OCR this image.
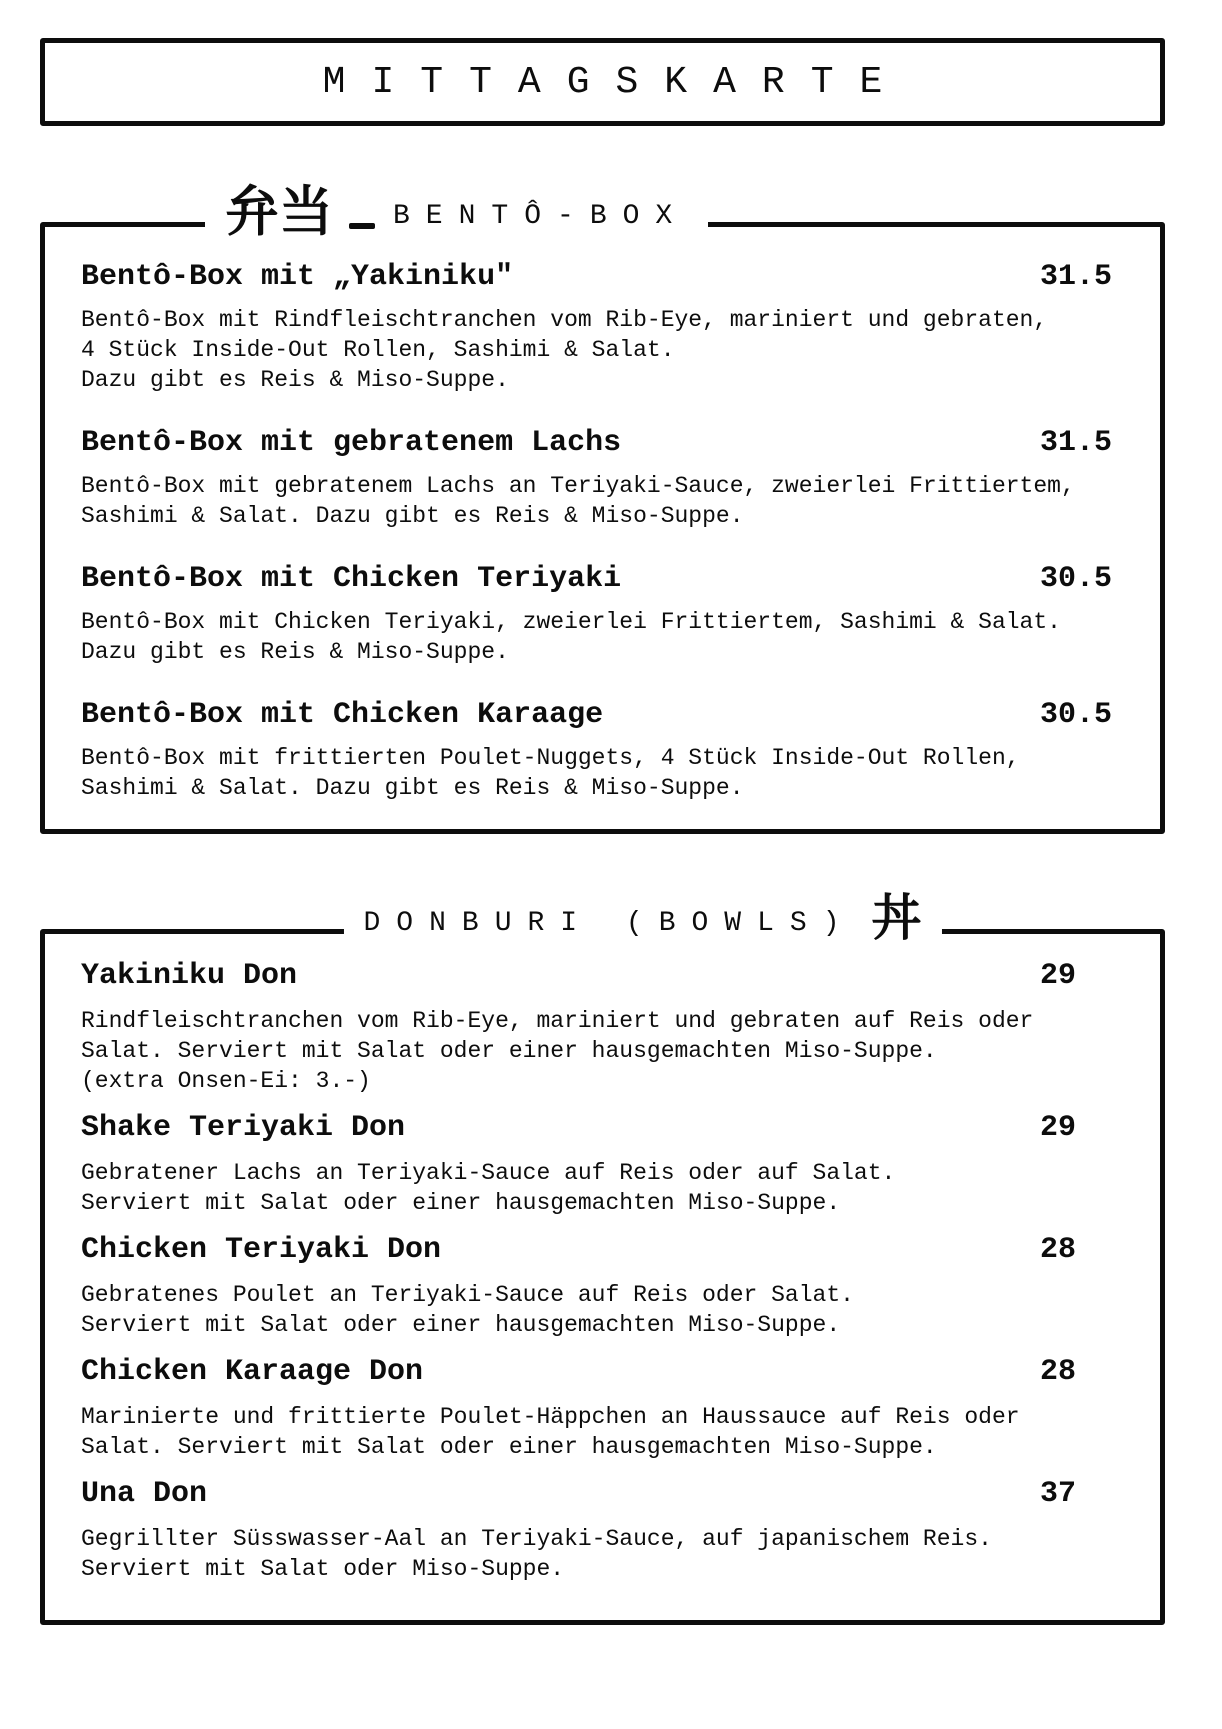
MITTAGSKARTE
弁当 BENTÔ-BOX
Bentô-Box mit „Yakiniku"	31.5
Bentô-Box mit Rindfleischtranchen vom Rib-Eye, mariniert und gebraten,
4 Stück Inside-Out Rollen, Sashimi & Salat.
Dazu gibt es Reis & Miso-Suppe.
Bentô-Box mit gebratenem Lachs	31.5
Bentô-Box mit gebratenem Lachs an Teriyaki-Sauce, zweierlei Frittiertem,
Sashimi & Salat. Dazu gibt es Reis & Miso-Suppe.
Bentô-Box mit Chicken Teriyaki	30.5
Bentô-Box mit Chicken Teriyaki, zweierlei Frittiertem, Sashimi & Salat.
Dazu gibt es Reis & Miso-Suppe.
Bentô-Box mit Chicken Karaage	30.5
Bentô-Box mit frittierten Poulet-Nuggets, 4 Stück Inside-Out Rollen,
Sashimi & Salat. Dazu gibt es Reis & Miso-Suppe.
DONBURI (BOWLS) 丼
Yakiniku Don	29
Rindfleischtranchen vom Rib-Eye, mariniert und gebraten auf Reis oder
Salat. Serviert mit Salat oder einer hausgemachten Miso-Suppe.
(extra Onsen-Ei: 3.-)
Shake Teriyaki Don	29
Gebratener Lachs an Teriyaki-Sauce auf Reis oder auf Salat.
Serviert mit Salat oder einer hausgemachten Miso-Suppe.
Chicken Teriyaki Don	28
Gebratenes Poulet an Teriyaki-Sauce auf Reis oder Salat.
Serviert mit Salat oder einer hausgemachten Miso-Suppe.
Chicken Karaage Don	28
Marinierte und frittierte Poulet-Häppchen an Haussauce auf Reis oder
Salat. Serviert mit Salat oder einer hausgemachten Miso-Suppe.
Una Don	37
Gegrillter Süsswasser-Aal an Teriyaki-Sauce, auf japanischem Reis.
Serviert mit Salat oder Miso-Suppe.
